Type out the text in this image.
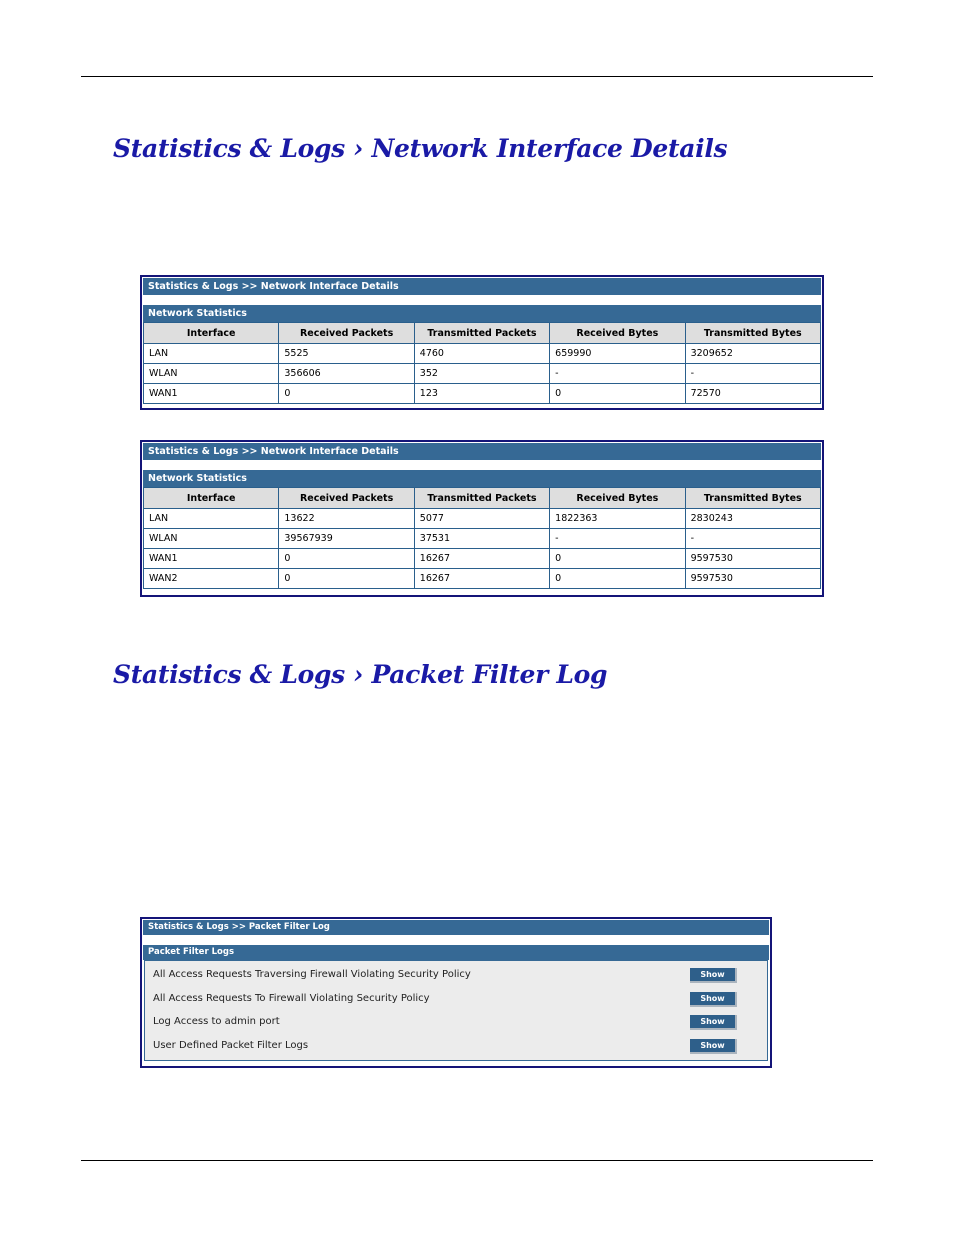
Statistics & Logs › Network Interface Details
Statistics & Logs >> Network Interface Details
Network Statistics
Interface	Received Packets	Transmitted Packets	Received Bytes	Transmitted Bytes
LAN	5525	4760	659990	3209652
WLAN	356606	352	-	-
WAN1	0	123	0	72570
Statistics & Logs >> Network Interface Details
Network Statistics
Interface	Received Packets	Transmitted Packets	Received Bytes	Transmitted Bytes
LAN	13622	5077	1822363	2830243
WLAN	39567939	37531	-	-
WAN1	0	16267	0	9597530
WAN2	0	16267	0	9597530
Statistics & Logs › Packet Filter Log
Statistics & Logs >> Packet Filter Log
Packet Filter Logs
All Access Requests Traversing Firewall Violating Security Policy	Show
All Access Requests To Firewall Violating Security Policy	Show
Log Access to admin port	Show
User Defined Packet Filter Logs	Show
